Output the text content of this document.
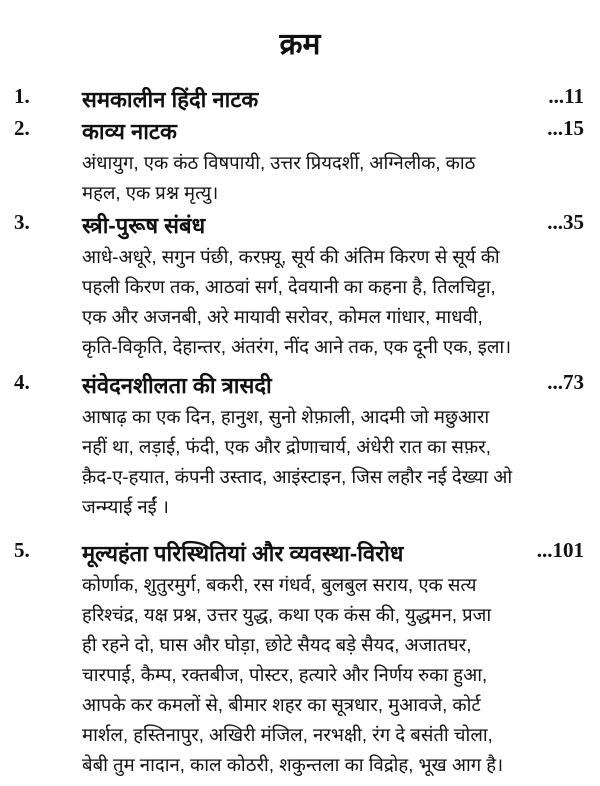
क्रम
1. समकालीन हिंदी नाटक	...11
2. काव्य नाटक	...15
अंधायुग, एक कंठ विषपायी, उत्तर प्रियदर्शी, अग्निलीक, काठ
महल, एक प्रश्न मृत्यु।
3. स्त्री-पुरूष संबंध	...35
आधे-अधूरे, सगुन पंछी, करफ़्यू, सूर्य की अंतिम किरण से सूर्य की
पहली किरण तक, आठवां सर्ग, देवयानी का कहना है, तिलचिट्टा,
एक और अजनबी, अरे मायावी सरोवर, कोमल गांधार, माधवी,
कृति-विकृति, देहान्तर, अंतरंग, नींद आने तक, एक दूनी एक, इला।
4. संवेदनशीलता की त्रासदी	...73
आषाढ़ का एक दिन, हानुश, सुनो शेफ़ाली, आदमी जो मछुआरा
नहीं था, लड़ाई, फंदी, एक और द्रोणाचार्य, अंधेरी रात का सफ़र,
क़ैद-ए-हयात, कंपनी उस्ताद, आइंस्टाइन, जिस लहौर नई देख्या ओ
जन्म्याई नईं ।
5. मूल्यहंता परिस्थितियां और व्यवस्था-विरोध	...101
कोर्णाक, शुतुरमुर्ग, बकरी, रस गंधर्व, बुलबुल सराय, एक सत्य
हरिश्चंद्र, यक्ष प्रश्न, उत्तर युद्ध, कथा एक कंस की, युद्धमन, प्रजा
ही रहने दो, घास और घोड़ा, छोटे सैयद बड़े सैयद, अजातघर,
चारपाई, कैम्प, रक्तबीज, पोस्टर, हत्यारे और निर्णय रुका हुआ,
आपके कर कमलों से, बीमार शहर का सूत्रधार, मुआवजे, कोर्ट
मार्शल, हस्तिनापुर, अखिरी मंजिल, नरभक्षी, रंग दे बसंती चोला,
बेबी तुम नादान, काल कोठरी, शकुन्तला का विद्रोह, भूख आग है।
